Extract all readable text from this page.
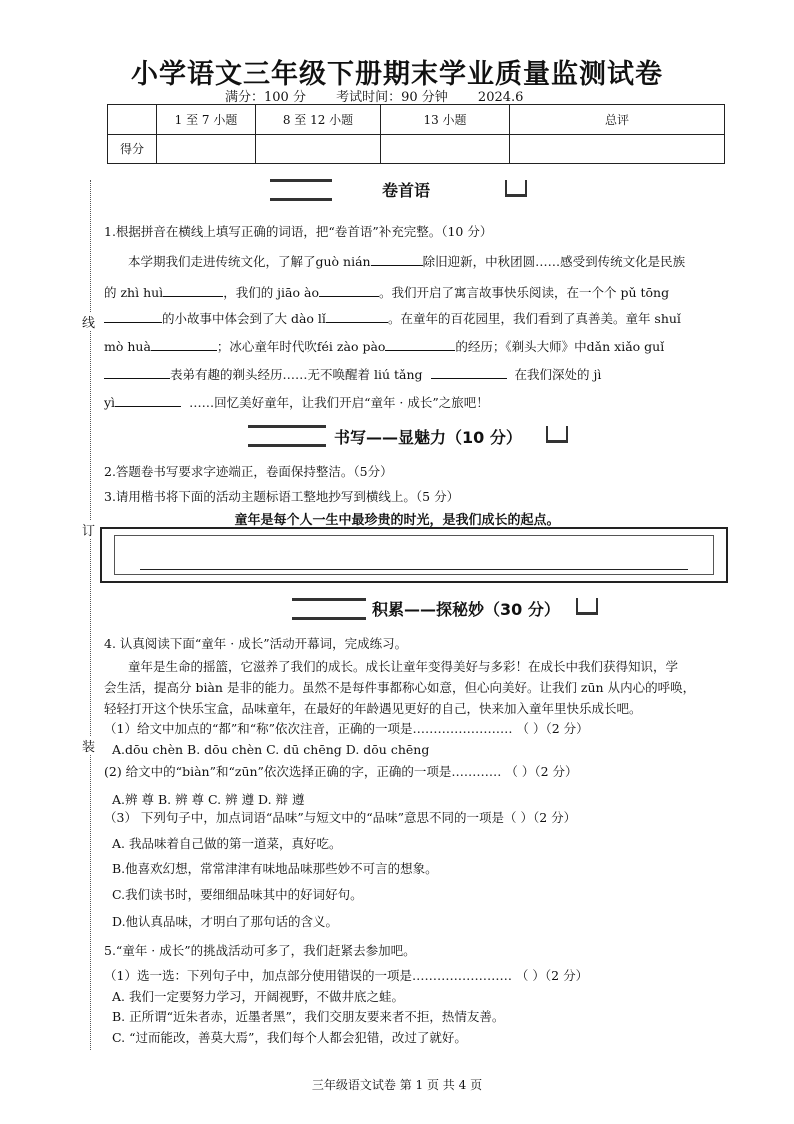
小学语文三年级下册期末学业质量监测试卷
满分：100 分 考试时间：90 分钟 2024.6
	1 至 7 小题	8 至 12 小题	13 小题	总评
得分				
线
订
装
卷首语
1.根据拼音在横线上填写正确的词语，把“卷首语”补充完整。（10 分）
本学期我们走进传统文化，了解了guò nián	除旧迎新，中秋团圆……感受到传统文化是民族
的 zhì huì	，我们的 jiāo ào	。我们开启了寓言故事快乐阅读，在一个个 pǔ tōng
的小故事中体会到了大 dào lǐ	。在童年的百花园里，我们看到了真善美。童年 shuǐ
mò huà	；冰心童年时代吹féi zào pào	的经历；《剃头大师》中dǎn xiǎo guǐ
表弟有趣的剃头经历……无不唤醒着 liú tǎng	在我们深处的 jì
yì	……回忆美好童年，让我们开启“童年 · 成长”之旅吧！
书写——显魅力（10 分）
2.答题卷书写要求字迹端正，卷面保持整洁。（5分）
3.请用楷书将下面的活动主题标语工整地抄写到横线上。（5 分）
童年是每个人一生中最珍贵的时光，是我们成长的起点。
积累——探秘妙（30 分）
4. 认真阅读下面“童年 · 成长”活动开幕词，完成练习。
童年是生命的摇篮，它滋养了我们的成长。成长让童年变得美好与多彩！在成长中我们获得知识，学
会生活，提高分 biàn 是非的能力。虽然不是每件事都称心如意，但心向美好。让我们 zūn 从内心的呼唤，
轻轻打开这个快乐宝盒，品味童年，在最好的年龄遇见更好的自己，快来加入童年里快乐成长吧。
（1）给文中加点的“都”和“称”依次注音，正确的一项是…………………… （ ）（2 分）
A.dōu chèn B. dōu chèn C. dū chēng D. dōu chēng
(2) 给文中的“biàn”和“zūn”依次选择正确的字，正确的一项是………… （ ）（2 分）
A.辨 尊 B. 辨 尊 C. 辨 遵 D. 辩 遵
（3） 下列句子中，加点词语“品味”与短文中的“品味”意思不同的一项是（ ）（2 分）
A. 我品味着自己做的第一道菜，真好吃。
B.他喜欢幻想，常常津津有味地品味那些妙不可言的想象。
C.我们读书时，要细细品味其中的好词好句。
D.他认真品味，才明白了那句话的含义。
5.“童年 · 成长”的挑战活动可多了，我们赶紧去参加吧。
（1）选一选：下列句子中，加点部分使用错误的一项是…………………… （ ）（2 分）
A. 我们一定要努力学习，开阔视野，不做井底之蛙。
B. 正所谓“近朱者赤，近墨者黑”，我们交朋友要来者不拒，热情友善。
C. “过而能改，善莫大焉”，我们每个人都会犯错，改过了就好。
三年级语文试卷 第 1 页 共 4 页
